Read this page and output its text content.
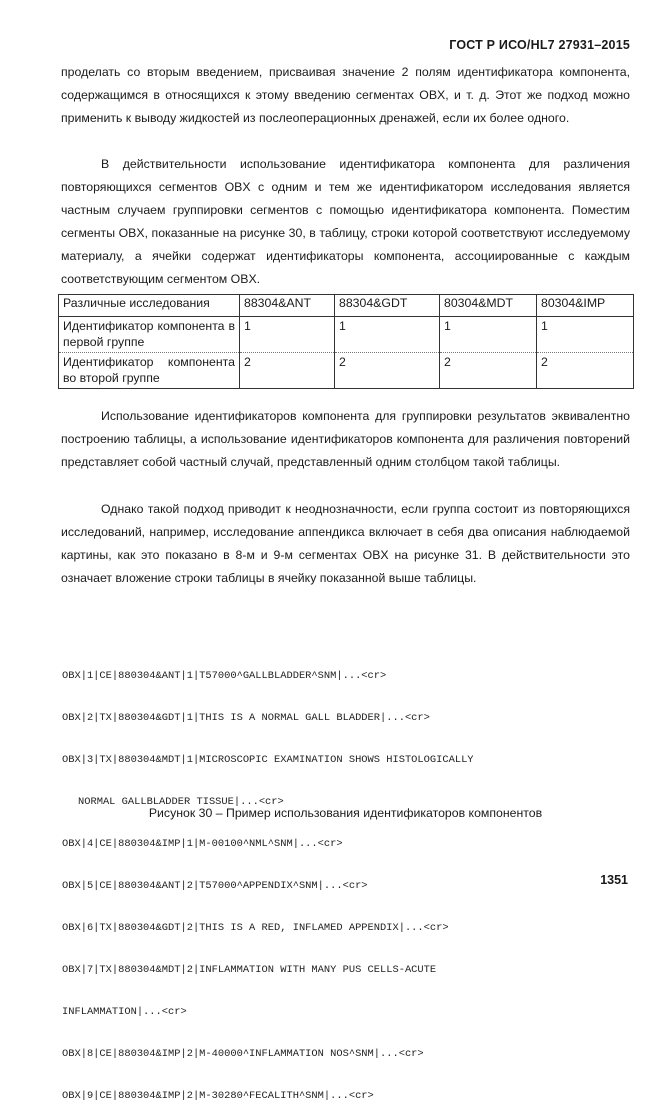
ГОСТ Р ИСО/HL7 27931–2015

проделать со вторым введением, присваивая значение 2 полям идентификатора компонента, содержащимся в относящихся к этому введению сегментах OBX, и т. д. Этот же подход можно применить к выводу жидкостей из послеоперационных дренажей, если их более одного.

В действительности использование идентификатора компонента для различения повторяющихся сегментов OBX с одним и тем же идентификатором исследования является частным случаем группировки сегментов с помощью идентификатора компонента. Поместим сегменты OBX, показанные на рисунке 30, в таблицу, строки которой соответствуют исследуемому материалу, а ячейки содержат идентификаторы компонента, ассоциированные с каждым соответствующим сегментом OBX.

Различные исследования	88304&ANT	88304&GDT	80304&MDT	80304&IMP
Идентификатор компонента в первой группе	1	1	1	1
Идентификатор компонента во второй группе	2	2	2	2

Использование идентификаторов компонента для группировки результатов эквивалентно построению таблицы, а использование идентификаторов компонента для различения повторений представляет собой частный случай, представленный одним столбцом такой таблицы.

Однако такой подход приводит к неоднозначности, если группа состоит из повторяющихся исследований, например, исследование аппендикса включает в себя два описания наблюдаемой картины, как это показано в 8-м и 9-м сегментах OBX на рисунке 31. В действительности это означает вложение строки таблицы в ячейку показанной выше таблицы.

OBX|1|CE|880304&ANT|1|T57000^GALLBLADDER^SNM|...<cr>

OBX|2|TX|880304&GDT|1|THIS IS A NORMAL GALL BLADDER|...<cr>

OBX|3|TX|880304&MDT|1|MICROSCOPIC EXAMINATION SHOWS HISTOLOGICALLY

NORMAL GALLBLADDER TISSUE|...<cr>

OBX|4|CE|880304&IMP|1|M-00100^NML^SNM|...<cr>

OBX|5|CE|880304&ANT|2|T57000^APPENDIX^SNM|...<cr>

OBX|6|TX|880304&GDT|2|THIS IS A RED, INFLAMED APPENDIX|...<cr>

OBX|7|TX|880304&MDT|2|INFLAMMATION WITH MANY PUS CELLS-ACUTE

INFLAMMATION|...<cr>

OBX|8|CE|880304&IMP|2|M-40000^INFLAMMATION NOS^SNM|...<cr>

OBX|9|CE|880304&IMP|2|M-30280^FECALITH^SNM|...<cr>

Рисунок 30 – Пример использования идентификаторов компонентов
1351
